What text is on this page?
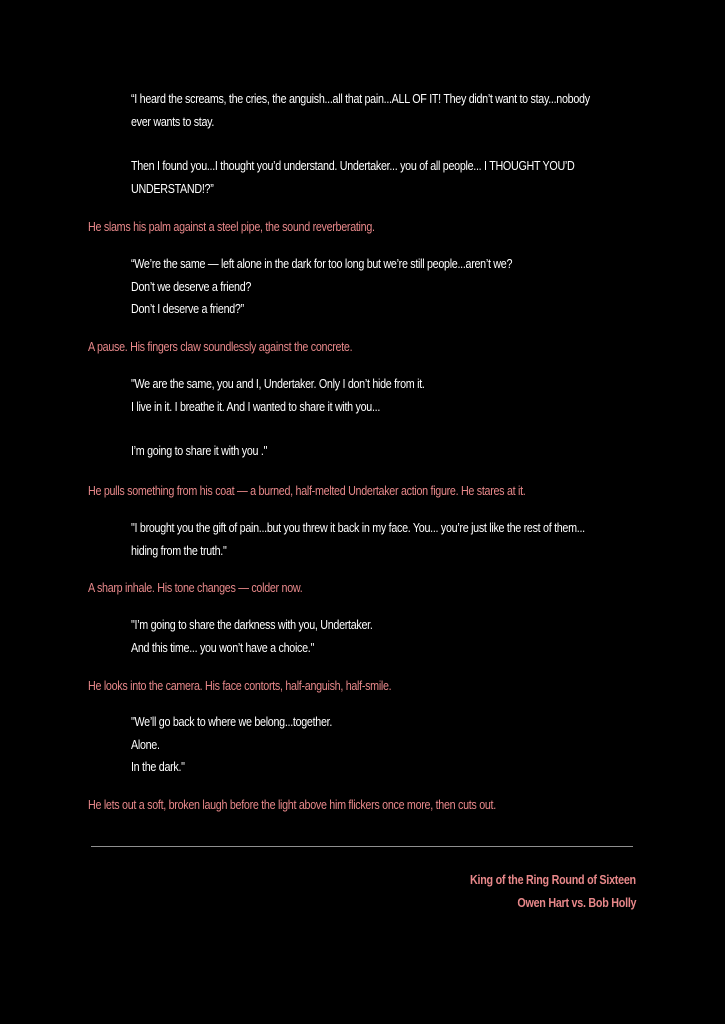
“I heard the screams, the cries, the anguish...all that pain...ALL OF IT! They didn’t want to stay...nobody
ever wants to stay.
Then I found you...I thought you’d understand. Undertaker... you of all people... I THOUGHT YOU’D
UNDERSTAND!?”
He slams his palm against a steel pipe, the sound reverberating.
“We’re the same — left alone in the dark for too long but we’re still people...aren’t we?
Don’t we deserve a friend?
Don’t I deserve a friend?”
A pause. His fingers claw soundlessly against the concrete.
"We are the same, you and I, Undertaker. Only I don’t hide from it.
I live in it. I breathe it. And I wanted to share it with you...
I’m going to share it with you ."
He pulls something from his coat — a burned, half-melted Undertaker action figure. He stares at it.
"I brought you the gift of pain...but you threw it back in my face. You... you’re just like the rest of them...
hiding from the truth."
A sharp inhale. His tone changes — colder now.
"I’m going to share the darkness with you, Undertaker.
And this time... you won’t have a choice."
He looks into the camera. His face contorts, half-anguish, half-smile.
"We’ll go back to where we belong...together.
Alone.
In the dark."
He lets out a soft, broken laugh before the light above him flickers once more, then cuts out.
King of the Ring Round of Sixteen
Owen Hart vs. Bob Holly
